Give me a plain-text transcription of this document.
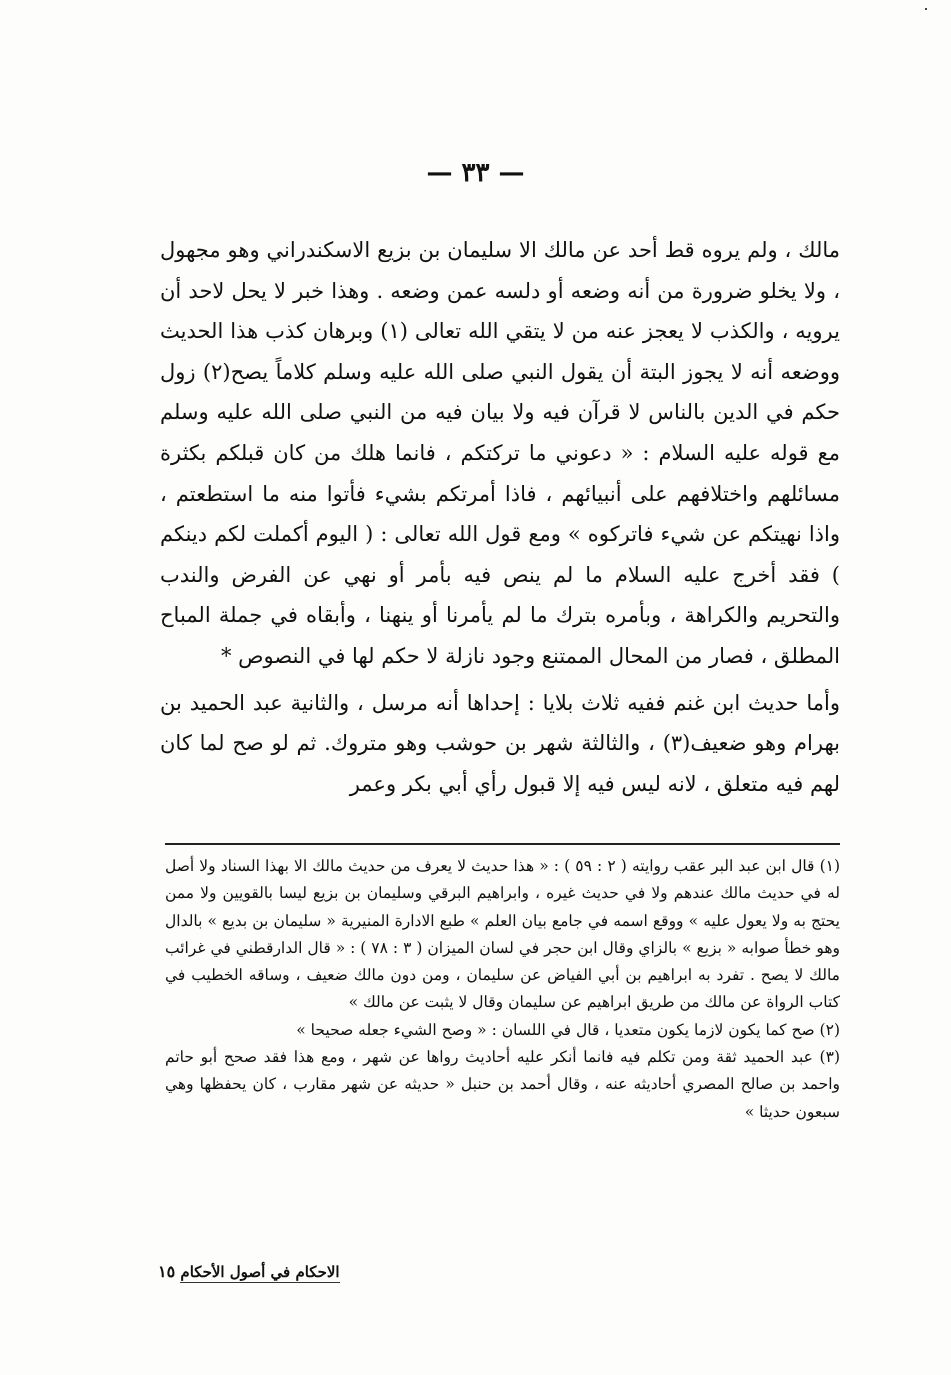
— ٣٣ —

مالك ، ولم يروه قط أحد عن مالك الا سليمان بن بزيع الاسكندراني وهو مجهول ، ولا يخلو ضرورة من أنه وضعه أو دلسه عمن وضعه . وهذا خبر لا يحل لاحد أن يرويه ، والكذب لا يعجز عنه من لا يتقي الله تعالى (١) وبرهان كذب هذا الحديث ووضعه أنه لا يجوز البتة أن يقول النبي صلى الله عليه وسلم كلاماً يصح(٢) زول حكم في الدين بالناس لا قرآن فيه ولا بيان فيه من النبي صلى الله عليه وسلم مع قوله عليه السلام : « دعوني ما تركتكم ، فانما هلك من كان قبلكم بكثرة مسائلهم واختلافهم على أنبيائهم ، فاذا أمرتكم بشيء فأتوا منه ما استطعتم ، واذا نهيتكم عن شيء فاتركوه » ومع قول الله تعالى : ( اليوم أكملت لكم دينكم ) فقد أخرج عليه السلام ما لم ينص فيه بأمر أو نهي عن الفرض والندب والتحريم والكراهة ، وبأمره بترك ما لم يأمرنا أو ينهنا ، وأبقاه في جملة المباح المطلق ، فصار من المحال الممتنع وجود نازلة لا حكم لها في النصوص *

وأما حديث ابن غنم ففيه ثلاث بلايا : إحداها أنه مرسل ، والثانية عبد الحميد بن بهرام وهو ضعيف(٣) ، والثالثة شهر بن حوشب وهو متروك. ثم لو صح لما كان لهم فيه متعلق ، لانه ليس فيه إلا قبول رأي أبي بكر وعمر

(١) قال ابن عبد البر عقب روايته ( ٢ : ٥٩ ) : « هذا حديث لا يعرف من حديث مالك الا بهذا السناد ولا أصل له في حديث مالك عندهم ولا في حديث غيره ، وابراهيم البرقي وسليمان بن بزيع ليسا بالقويين ولا ممن يحتج به ولا يعول عليه » ووقع اسمه في جامع بيان العلم » طبع الادارة المنيرية « سليمان بن بديع » بالدال وهو خطأ صوابه « بزيع » بالزاي وقال ابن حجر في لسان الميزان ( ٣ : ٧٨ ) : « قال الدارقطني في غرائب مالك لا يصح . تفرد به ابراهيم بن أبي الفياض عن سليمان ، ومن دون مالك ضعيف ، وساقه الخطيب في كتاب الرواة عن مالك من طريق ابراهيم عن سليمان وقال لا يثبت عن مالك »

(٢) صح كما يكون لازما يكون متعديا ، قال في اللسان : « وصح الشيء جعله صحيحا »

(٣) عبد الحميد ثقة ومن تكلم فيه فانما أنكر عليه أحاديث رواها عن شهر ، ومع هذا فقد صحح أبو حاتم واحمد بن صالح المصري أحاديثه عنه ، وقال أحمد بن حنبل « حديثه عن شهر مقارب ، كان يحفظها وهي سبعون حديثا »

الاحكام في أصول الأحكام ١٥
